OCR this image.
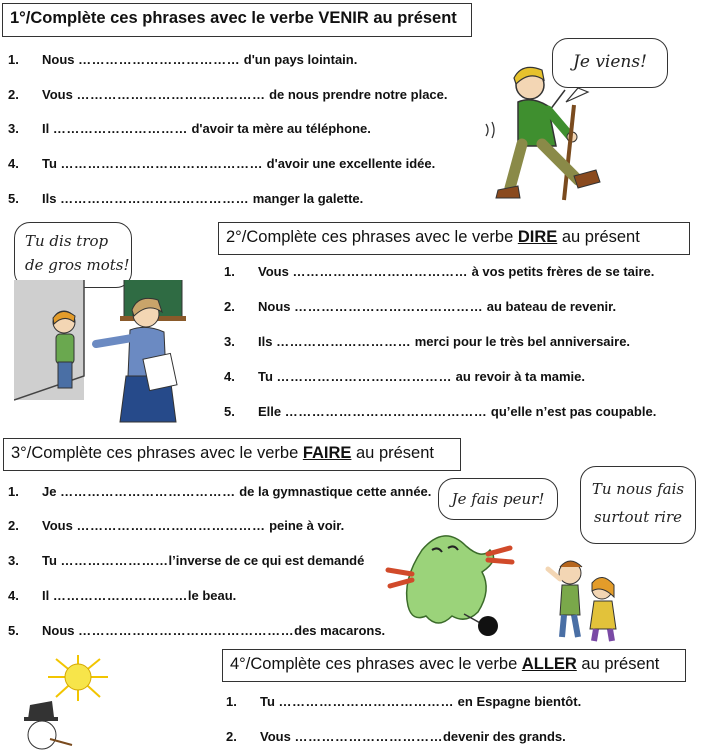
1°/Complète ces phrases avec le verbe VENIR au présent
1. Nous ……………………………… d'un pays lointain.
2. Vous …………………………………… de nous prendre notre place.
3. Il ………………………… d'avoir ta mère au téléphone.
4. Tu ……………………………………… d'avoir une excellente idée.
5. Ils …………………………………… manger la galette.
Je viens!
Tu dis trop
de gros mots!
2°/Complète ces phrases avec le verbe DIRE au présent
1. Vous ………………………………… à vos petits frères de se taire.
2. Nous …………………………………… au bateau de revenir.
3. Ils ………………………… merci pour le très bel anniversaire.
4. Tu ………………………………… au revoir à ta mamie.
5. Elle ……………………………………… qu’elle n’est pas coupable.
3°/Complète ces phrases avec le verbe FAIRE au présent
1. Je ………………………………… de la gymnastique cette année.
2. Vous …………………………………… peine à voir.
3. Tu ……………………l’inverse de ce qui est demandé
4. Il …………………………le beau.
5. Nous …………………………………………des macarons.
Je fais peur!
Tu nous fais
surtout rire
4°/Complète ces phrases avec le verbe ALLER au présent
1. Tu ………………………………… en Espagne bientôt.
2. Vous ……………………………devenir des grands.
